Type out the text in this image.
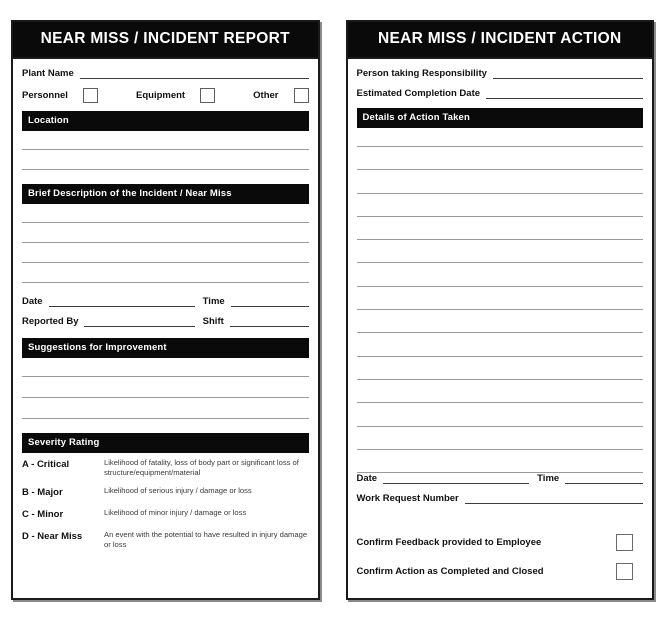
NEAR MISS / INCIDENT REPORT
Plant Name
Personnel	Equipment	Other
Location
Brief Description of the Incident / Near Miss
Date	Time
Reported By	Shift
Suggestions for Improvement
Severity Rating
A - Critical	Likelihood of fatality, loss of body part or significant loss of structure/equipment/material
B - Major	Likelihood of serious injury / damage or loss
C - Minor	Likelihood of minor injury / damage or loss
D - Near Miss	An event with the potential to have resulted in injury damage or loss
NEAR MISS / INCIDENT ACTION
Person taking Responsibility
Estimated Completion Date
Details of Action Taken
Date	Time
Work Request Number
Confirm Feedback provided to Employee
Confirm Action as Completed and Closed
